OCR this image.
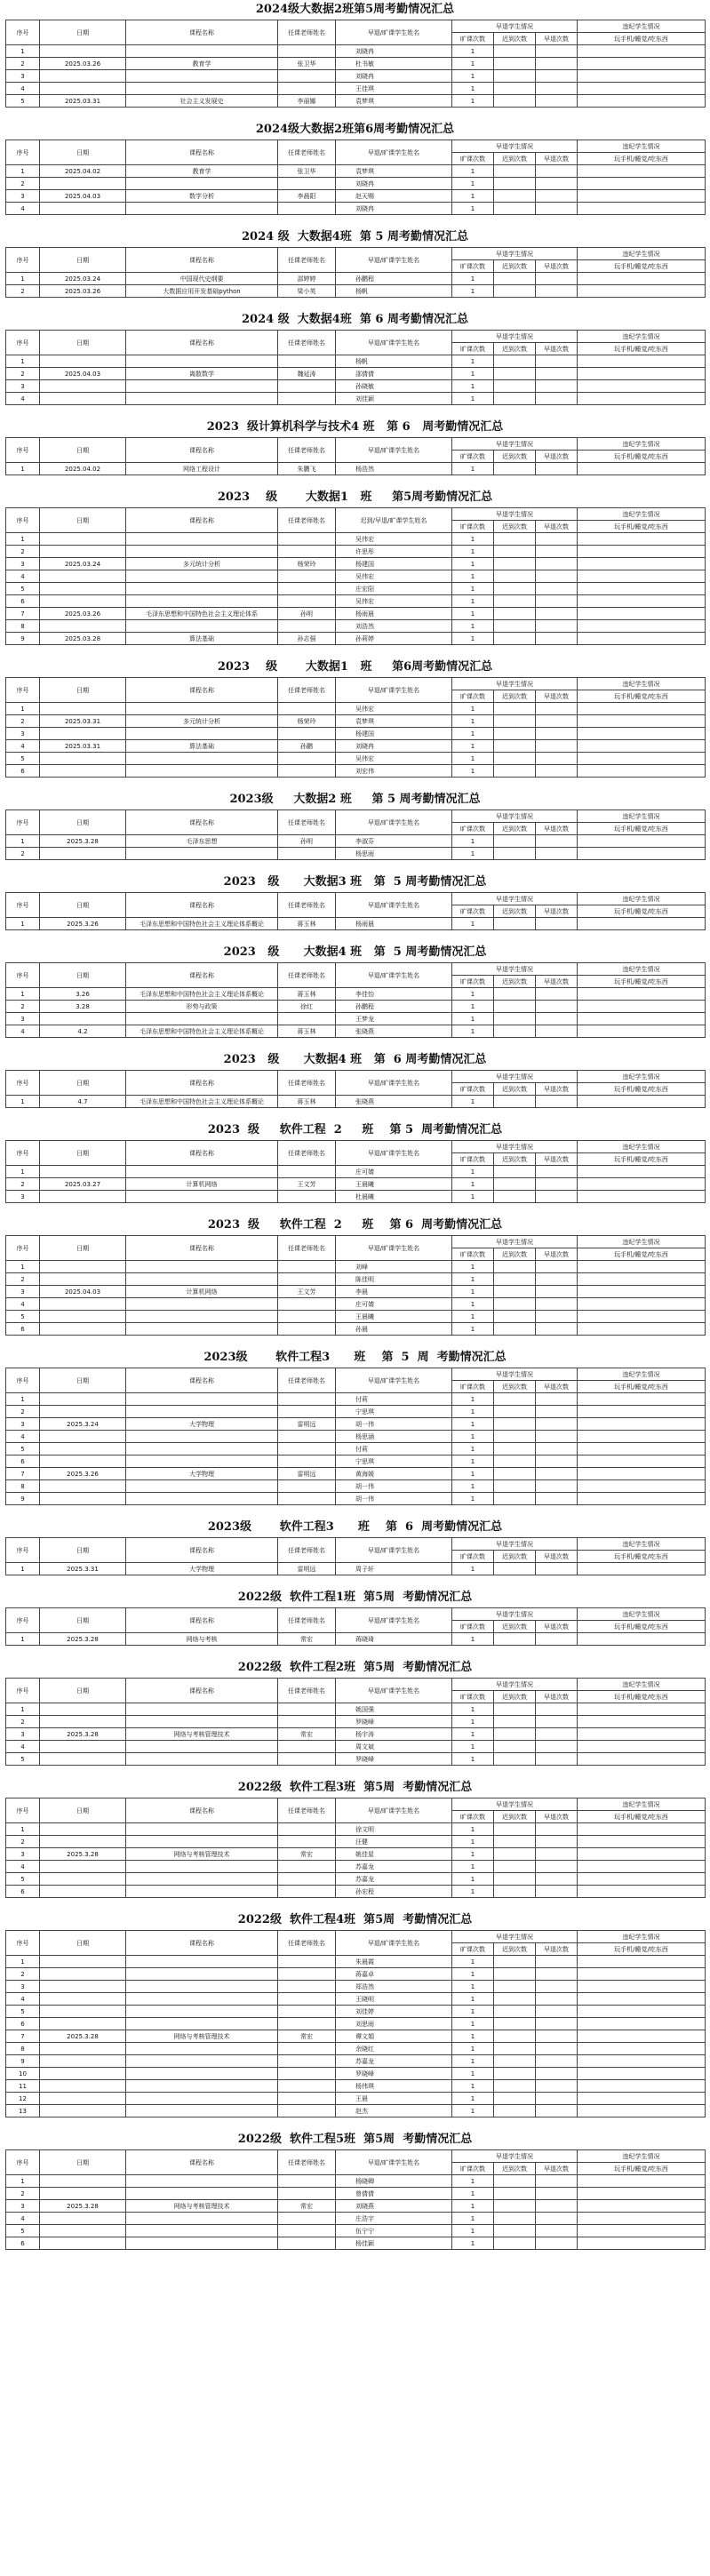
2024级大数据2班第5周考勤情况汇总
序号	日期	课程名称	任课老师姓名	早退/旷课学生姓名	早退学生情况			违纪学生情况
					旷课次数	迟到次数	早退次数	玩手机/睡觉/吃东西
1				刘晓冉	1			
2	2025.03.26	教育学	张卫华	杜书敏	1			
3				刘晓冉	1			
4				王佳琪	1			
5	2025.03.31	社会主义发展史	李丽娜	袁梦琪	1			
2024级大数据2班第6周考勤情况汇总
序号	日期	课程名称	任课老师姓名	早退/旷课学生姓名	早退学生情况			违纪学生情况
					旷课次数	迟到次数	早退次数	玩手机/睡觉/吃东西
1	2025.04.02	教育学	张卫华	袁梦琪	1			
2				刘晓冉	1			
3	2025.04.03	数学分析	李晨阳	赵天赐	1			
4				刘晓冉	1			
2024 级  大数据4班  第 5 周考勤情况汇总
序号	日期	课程名称	任课老师姓名	早退/旷课学生姓名	早退学生情况			违纪学生情况
					旷课次数	迟到次数	早退次数	玩手机/睡觉/吃东西
1	2025.03.24	中国现代史纲要	邵婷婷	孙鹏程	1			
2	2025.03.26	大数据应用开发基础python	梁小英	杨帆	1			
2024 级  大数据4班  第 6 周考勤情况汇总
序号	日期	课程名称	任课老师姓名	早退/旷课学生姓名	早退学生情况			违纪学生情况
					旷课次数	迟到次数	早退次数	玩手机/睡觉/吃东西
1				杨帆	1			
2	2025.04.03	离散数学	魏延涛	邵倩倩	1			
3				孙晓敏	1			
4				刘佳颖	1			
2023  级计算机科学与技术4 班   第 6   周考勤情况汇总
序号	日期	课程名称	任课老师姓名	早退/旷课学生姓名	早退学生情况			违纪学生情况
					旷课次数	迟到次数	早退次数	玩手机/睡觉/吃东西
1	2025.04.02	网络工程设计	朱鹏飞	杨浩然	1			
2023    级       大数据1   班     第5周考勤情况汇总
序号	日期	课程名称	任课老师姓名	迟到/早退/旷课学生姓名	早退学生情况			违纪学生情况
					旷课次数	迟到次数	早退次数	玩手机/睡觉/吃东西
1				吴伟宏	1			
2				许思彤	1			
3	2025.03.24	多元统计分析	杨荣玲	杨建国	1			
4				吴伟宏	1			
5				庄宏阳	1			
6				吴伟宏	1			
7	2025.03.26	毛泽东思想和中国特色社会主义理论体系	孙明	杨雨晨	1			
8				刘浩然	1			
9	2025.03.28	算法基础	孙志强	孙莉婷	1			
2023    级       大数据1   班     第6周考勤情况汇总
序号	日期	课程名称	任课老师姓名	早退/旷课学生姓名	早退学生情况			违纪学生情况
					旷课次数	迟到次数	早退次数	玩手机/睡觉/吃东西
1				吴伟宏	1			
2	2025.03.31	多元统计分析	杨荣玲	袁梦琪	1			
3				杨建国	1			
4	2025.03.31	算法基础	孙鹏	刘晓冉	1			
5				吴伟宏	1			
6				刘宏伟	1			
2023级     大数据2 班     第 5 周考勤情况汇总
序号	日期	课程名称	任课老师姓名	早退/旷课学生姓名	早退学生情况			违纪学生情况
					旷课次数	迟到次数	早退次数	玩手机/睡觉/吃东西
1	2025.3.28	毛泽东思想	孙明	李淑芬	1			
2				杨思雨	1			
2023   级      大数据3 班   第  5 周考勤情况汇总
序号	日期	课程名称	任课老师姓名	早退/旷课学生姓名	早退学生情况			违纪学生情况
					旷课次数	迟到次数	早退次数	玩手机/睡觉/吃东西
1	2025.3.26	毛泽东思想和中国特色社会主义理论体系概论	蒋玉林	杨雨晨	1			
2023   级      大数据4 班   第  5 周考勤情况汇总
序号	日期	课程名称	任课老师姓名	早退/旷课学生姓名	早退学生情况			违纪学生情况
					旷课次数	迟到次数	早退次数	玩手机/睡觉/吃东西
1	3.26	毛泽东思想和中国特色社会主义理论体系概论	蒋玉林	李佳怡	1			
2	3.28	形势与政策	徐红	孙鹏程	1			
3				王梦龙	1			
4	4.2	毛泽东思想和中国特色社会主义理论体系概论	蒋玉林	张晓燕	1			
2023   级      大数据4 班   第  6 周考勤情况汇总
序号	日期	课程名称	任课老师姓名	早退/旷课学生姓名	早退学生情况			违纪学生情况
					旷课次数	迟到次数	早退次数	玩手机/睡觉/吃东西
1	4.7	毛泽东思想和中国特色社会主义理论体系概论	蒋玉林	张晓燕	1			
2023  级     软件工程  2     班    第 5  周考勤情况汇总
序号	日期	课程名称	任课老师姓名	早退/旷课学生姓名	早退学生情况			违纪学生情况
					旷课次数	迟到次数	早退次数	玩手机/睡觉/吃东西
1				庄可婧	1			
2	2025.03.27	计算机网络	王文芳	王晨曦	1			
3				杜晨曦	1			
2023  级     软件工程  2     班    第 6  周考勤情况汇总
序号	日期	课程名称	任课老师姓名	早退/旷课学生姓名	早退学生情况			违纪学生情况
					旷课次数	迟到次数	早退次数	玩手机/睡觉/吃东西
1				刘峰	1			
2				陈佳明	1			
3	2025.04.03	计算机网络	王文芳	李晨	1			
4				庄可婧	1			
5				王晨曦	1			
6				孙晨	1			
2023级       软件工程3      班    第  5  周  考勤情况汇总
序号	日期	课程名称	任课老师姓名	早退/旷课学生姓名	早退学生情况			违纪学生情况
					旷课次数	迟到次数	早退次数	玩手机/睡觉/吃东西
1				付莉	1			
2				宁思琪	1			
3	2025.3.24	大学物理	雷明远	胡一伟	1			
4				杨思涵	1			
5				付莉	1			
6				宁思琪	1			
7	2025.3.26	大学物理	雷明远	黄海媛	1			
8				胡一伟	1			
9				胡一伟	1			
2023级       软件工程3      班    第  6  周考勤情况汇总
序号	日期	课程名称	任课老师姓名	早退/旷课学生姓名	早退学生情况			违纪学生情况
					旷课次数	迟到次数	早退次数	玩手机/睡觉/吃东西
1	2025.3.31	大学物理	雷明远	周子轩	1			
2022级  软件工程1班  第5周  考勤情况汇总
序号	日期	课程名称	任课老师姓名	早退/旷课学生姓名	早退学生情况			违纪学生情况
					旷课次数	迟到次数	早退次数	玩手机/睡觉/吃东西
1	2025.3.28	网络与考核	常宏	蒋晓琦	1			
2022级  软件工程2班  第5周  考勤情况汇总
序号	日期	课程名称	任课老师姓名	早退/旷课学生姓名	早退学生情况			违纪学生情况
					旷课次数	迟到次数	早退次数	玩手机/睡觉/吃东西
1				姚国强	1			
2				罗晓峰	1			
3	2025.3.28	网络与考核管理技术	常宏	杨宇涛	1			
4				周文斌	1			
5				罗晓峰	1			
2022级  软件工程3班  第5周  考勤情况汇总
序号	日期	课程名称	任课老师姓名	早退/旷课学生姓名	早退学生情况			违纪学生情况
					旷课次数	迟到次数	早退次数	玩手机/睡觉/吃东西
1				徐文明	1			
2				汪健	1			
3	2025.3.28	网络与考核管理技术	常宏	姚佳星	1			
4				苏嘉龙	1			
5				苏嘉龙	1			
6				孙宏程	1			
2022级  软件工程4班  第5周  考勤情况汇总
序号	日期	课程名称	任课老师姓名	早退/旷课学生姓名	早退学生情况			违纪学生情况
					旷课次数	迟到次数	早退次数	玩手机/睡觉/吃东西
1				朱晨霞	1			
2				蒋嘉卓	1			
3				郑浩然	1			
4				王晓明	1			
5				刘佳婷	1			
6				刘思雨	1			
7	2025.3.28	网络与考核管理技术	常宏	谭文娟	1			
8				余晓红	1			
9				苏嘉龙	1			
10				罗晓峰	1			
11				杨伟琪	1			
12				王晨	1			
13				赵杰	1			
2022级  软件工程5班  第5周  考勤情况汇总
序号	日期	课程名称	任课老师姓名	早退/旷课学生姓名	早退学生情况			违纪学生情况
					旷课次数	迟到次数	早退次数	玩手机/睡觉/吃东西
1				杨晓卿	1			
2				曾倩倩	1			
3	2025.3.28	网络与考核管理技术	常宏	刘晓燕	1			
4				庄浩宇	1			
5				伍宁宁	1			
6				杨佳颖	1			
